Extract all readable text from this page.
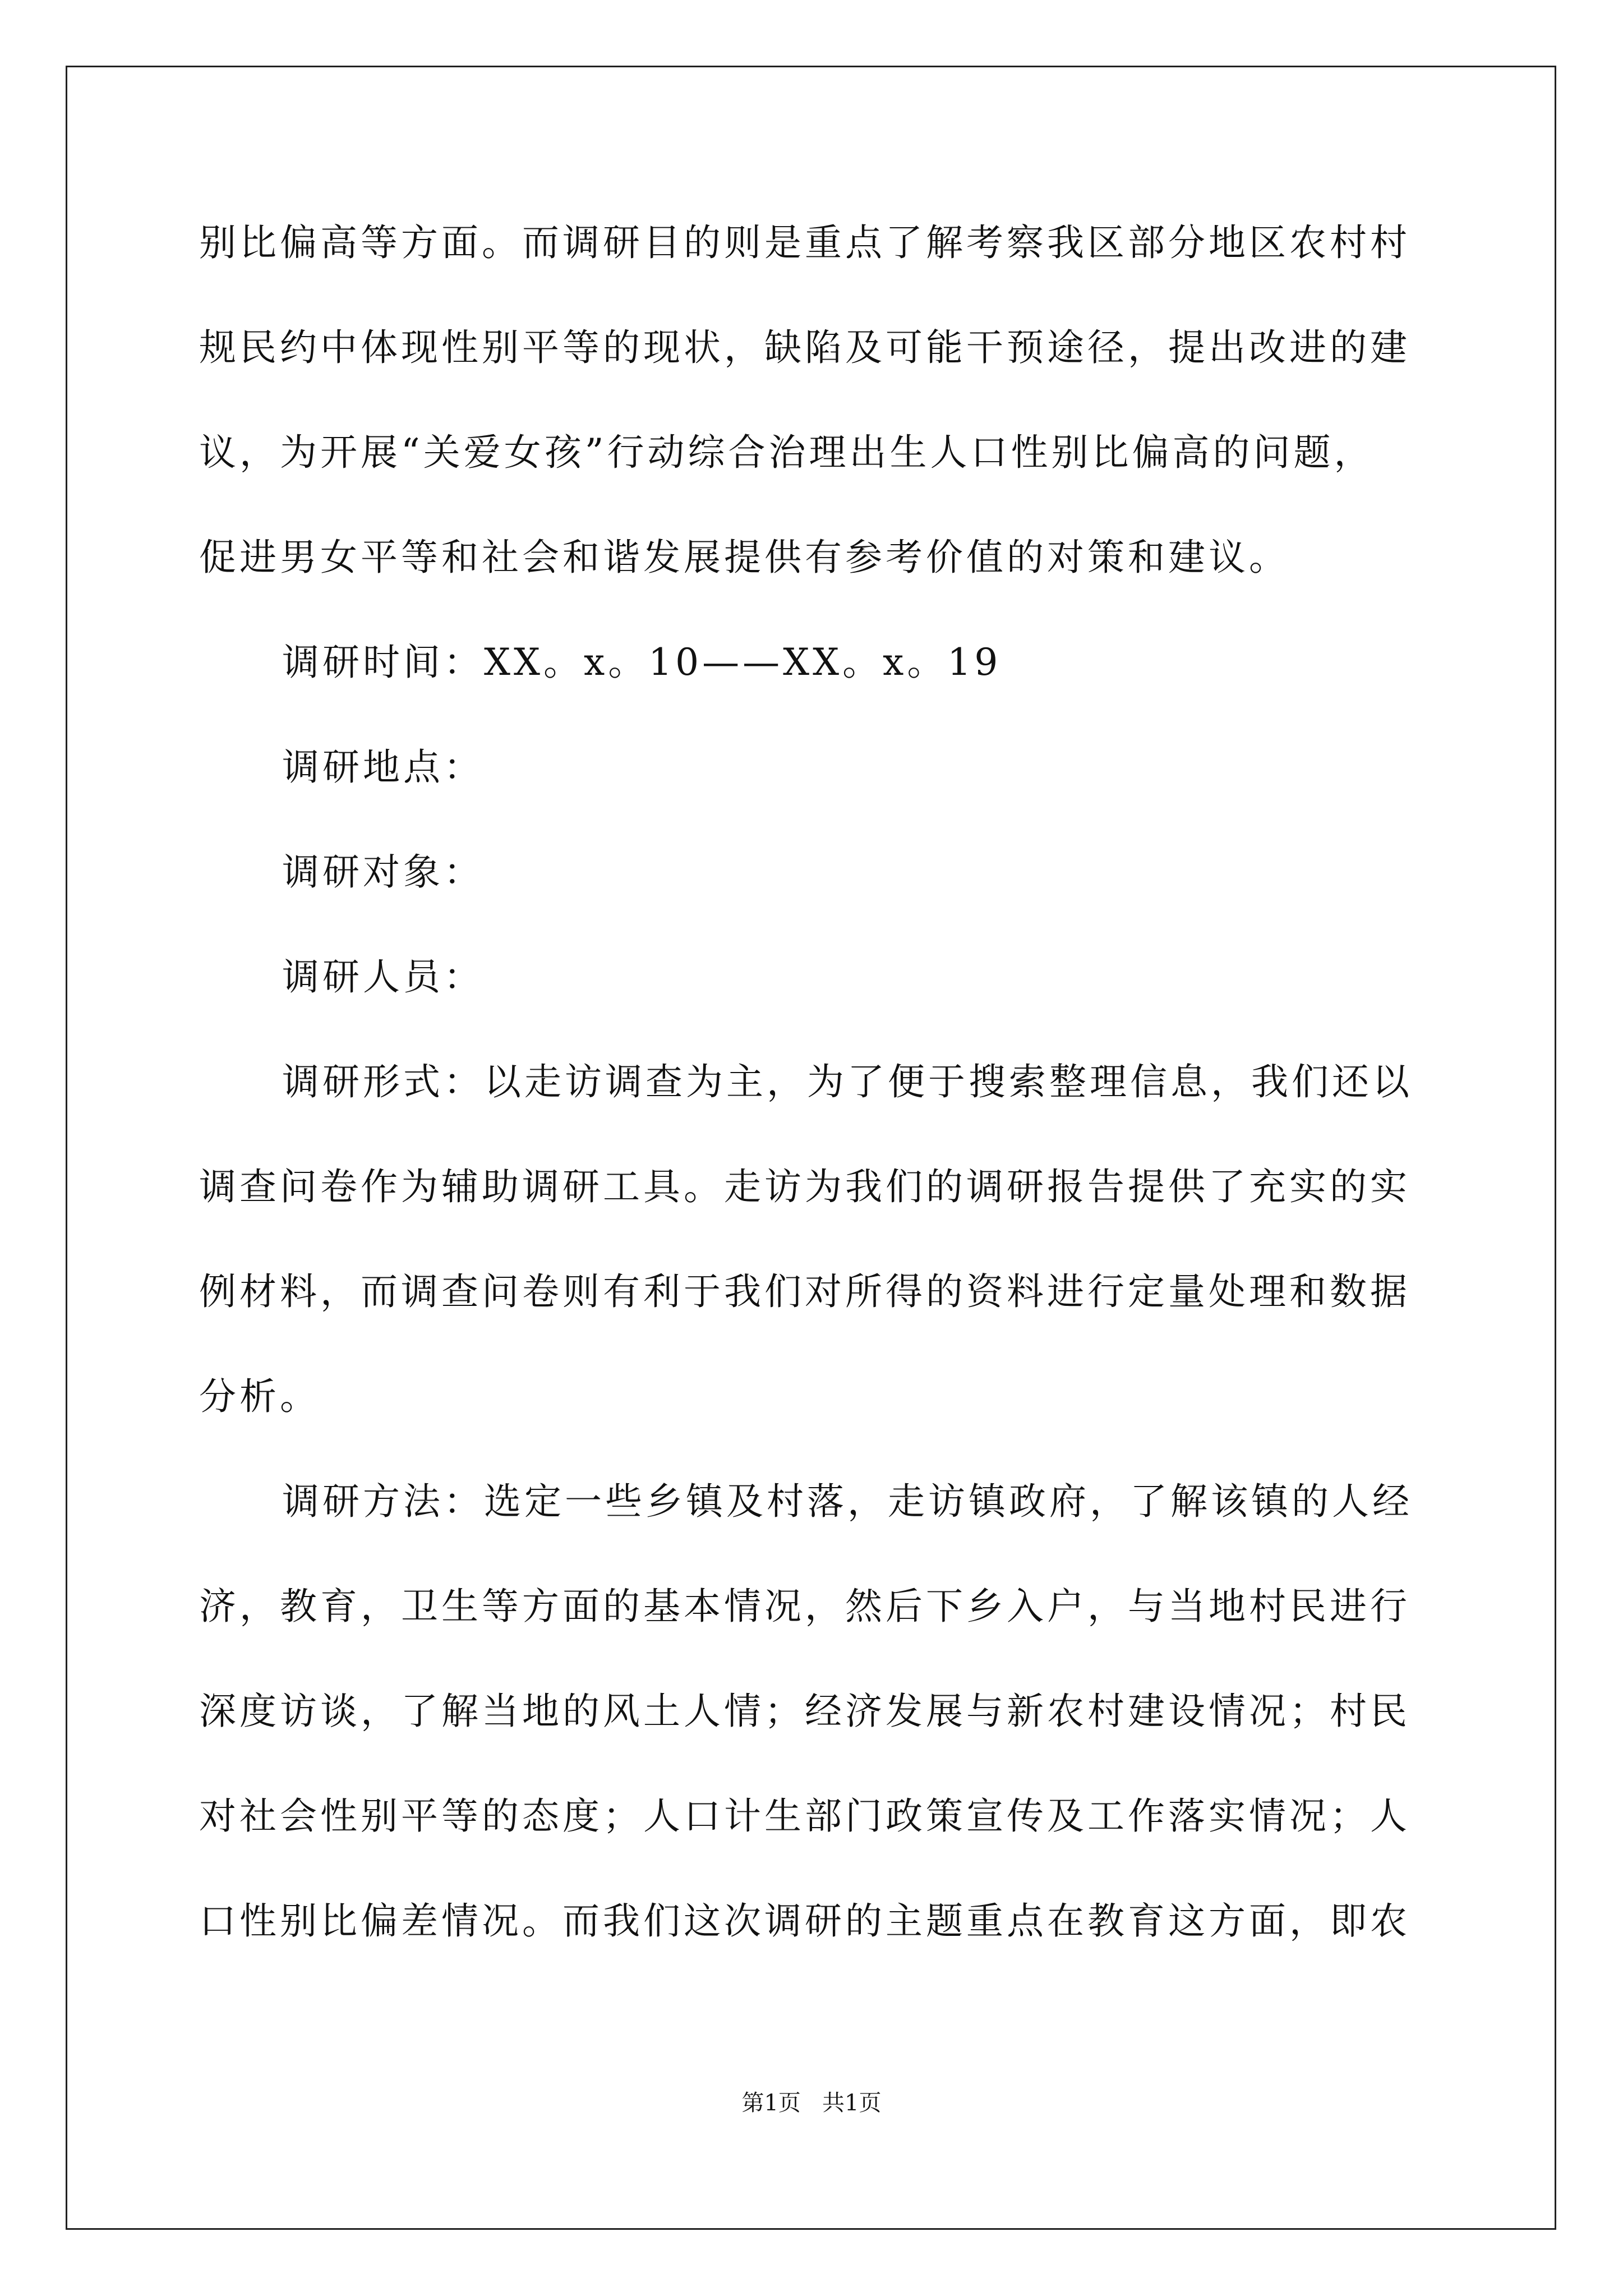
别比偏高等方面。而调研目的则是重点了解考察我区部分地区农村村
规民约中体现性别平等的现状，缺陷及可能干预途径，提出改进的建
议，为开展“关爱女孩”行动综合治理出生人口性别比偏高的问题，
促进男女平等和社会和谐发展提供有参考价值的对策和建议。
调研时间：XX。x。10——XX。x。19
调研地点：
调研对象：
调研人员：
调研形式：以走访调查为主，为了便于搜索整理信息，我们还以
调查问卷作为辅助调研工具。走访为我们的调研报告提供了充实的实
例材料，而调查问卷则有利于我们对所得的资料进行定量处理和数据
分析。
调研方法：选定一些乡镇及村落，走访镇政府，了解该镇的人经
济，教育，卫生等方面的基本情况，然后下乡入户，与当地村民进行
深度访谈，了解当地的风土人情；经济发展与新农村建设情况；村民
对社会性别平等的态度；人口计生部门政策宣传及工作落实情况；人
口性别比偏差情况。而我们这次调研的主题重点在教育这方面，即农
第1页   共1页
